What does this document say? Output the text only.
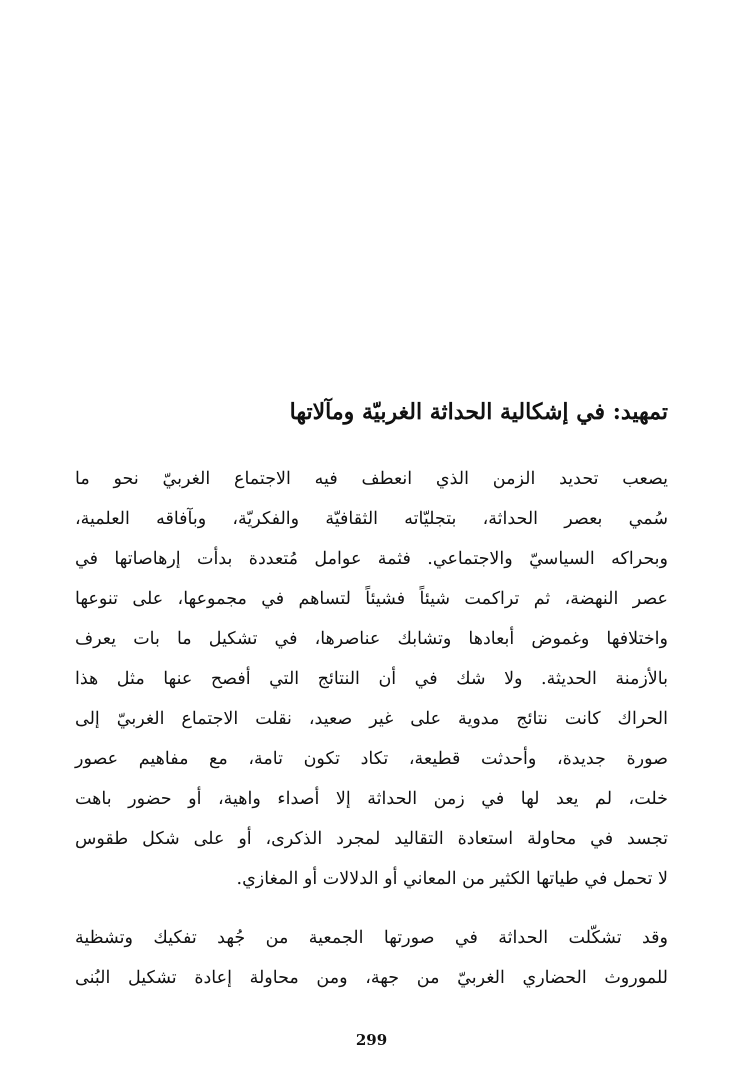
تمهيد: في إشكالية الحداثة الغربيّة ومآلاتها

يصعب تحديد الزمن الذي انعطف فيه الاجتماع الغربيّ نحو ما
سُمي بعصر الحداثة، بتجليّاته الثقافيّة والفكريّة، وبآفاقه العلمية،
وبحراكه السياسيّ والاجتماعي. فثمة عوامل مُتعددة بدأت إرهاصاتها في
عصر النهضة، ثم تراكمت شيئاً فشيئاً لتساهم في مجموعها، على تنوعها
واختلافها وغموض أبعادها وتشابك عناصرها، في تشكيل ما بات يعرف
بالأزمنة الحديثة. ولا شك في أن النتائج التي أفصح عنها مثل هذا
الحراك كانت نتائج مدوية على غير صعيد، نقلت الاجتماع الغربيّ إلى
صورة جديدة، وأحدثت قطيعة، تكاد تكون تامة، مع مفاهيم عصور
خلت، لم يعد لها في زمن الحداثة إلا أصداء واهية، أو حضور باهت
تجسد في محاولة استعادة التقاليد لمجرد الذكرى، أو على شكل طقوس
لا تحمل في طياتها الكثير من المعاني أو الدلالات أو المغازي.

وقد تشكّلت الحداثة في صورتها الجمعية من جُهد تفكيك وتشظية
للموروث الحضاري الغربيّ من جهة، ومن محاولة إعادة تشكيل البُنى

299
